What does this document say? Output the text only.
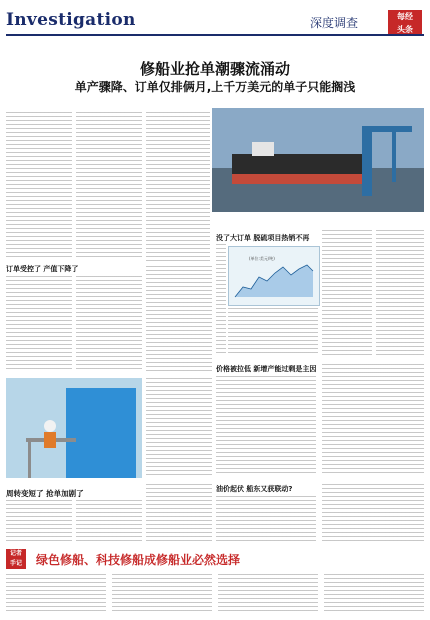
Investigation	深度调查	每经
头条
修船业抢单潮骤流涌动
单产骤降、订单仅排俩月,上千万美元的单子只能搁浅
订单受控了 产值下降了
没了大订单 脱硫项目热销不再
(单位:美元/吨)
价格被拉低 新增产能过剩是主因
周转变短了 抢单加剧了	油价起伏 船东又获联动?
记者
手记	绿色修船、科技修船成修船业必然选择
